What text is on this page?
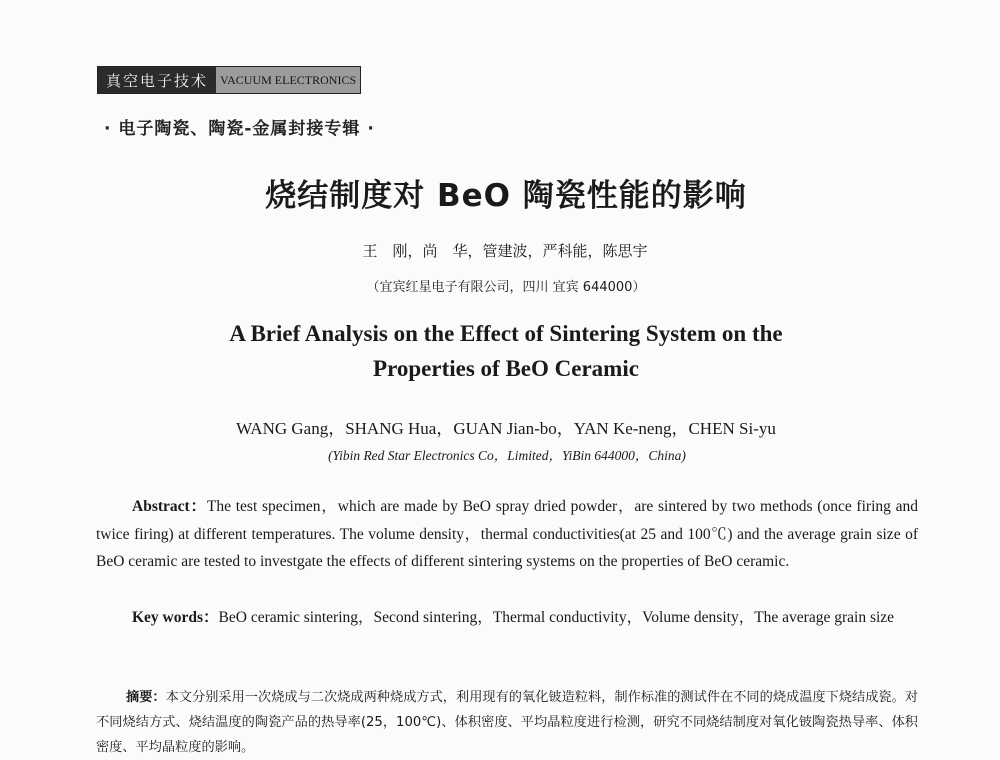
真空电子技术	VACUUM ELECTRONICS
· 电子陶瓷、陶瓷-金属封接专辑 ·
烧结制度对 BeO 陶瓷性能的影响
王　刚，尚　华，管建波，严科能，陈思宇
（宜宾红星电子有限公司，四川 宜宾 644000）
A Brief Analysis on the Effect of Sintering System on the
Properties of BeO Ceramic
WANG Gang，SHANG Hua，GUAN Jian-bo，YAN Ke-neng，CHEN Si-yu
(Yibin Red Star Electronics Co，Limited，YiBin 644000，China)

Abstract：The test specimen，which are made by BeO spray dried powder，are sintered by two methods (once firing and twice firing) at different temperatures. The volume density，thermal conductivities(at 25 and 100℃) and the average grain size of BeO ceramic are tested to investgate the effects of different sintering systems on the properties of BeO ceramic.

Key words：BeO ceramic sintering，Second sintering，Thermal conductivity，Volume density，The average grain size

摘要：本文分别采用一次烧成与二次烧成两种烧成方式，利用现有的氧化铍造粒料，制作标准的测试件在不同的烧成温度下烧结成瓷。对不同烧结方式、烧结温度的陶瓷产品的热导率(25，100℃)、体积密度、平均晶粒度进行检测，研究不同烧结制度对氧化铍陶瓷热导率、体积密度、平均晶粒度的影响。
